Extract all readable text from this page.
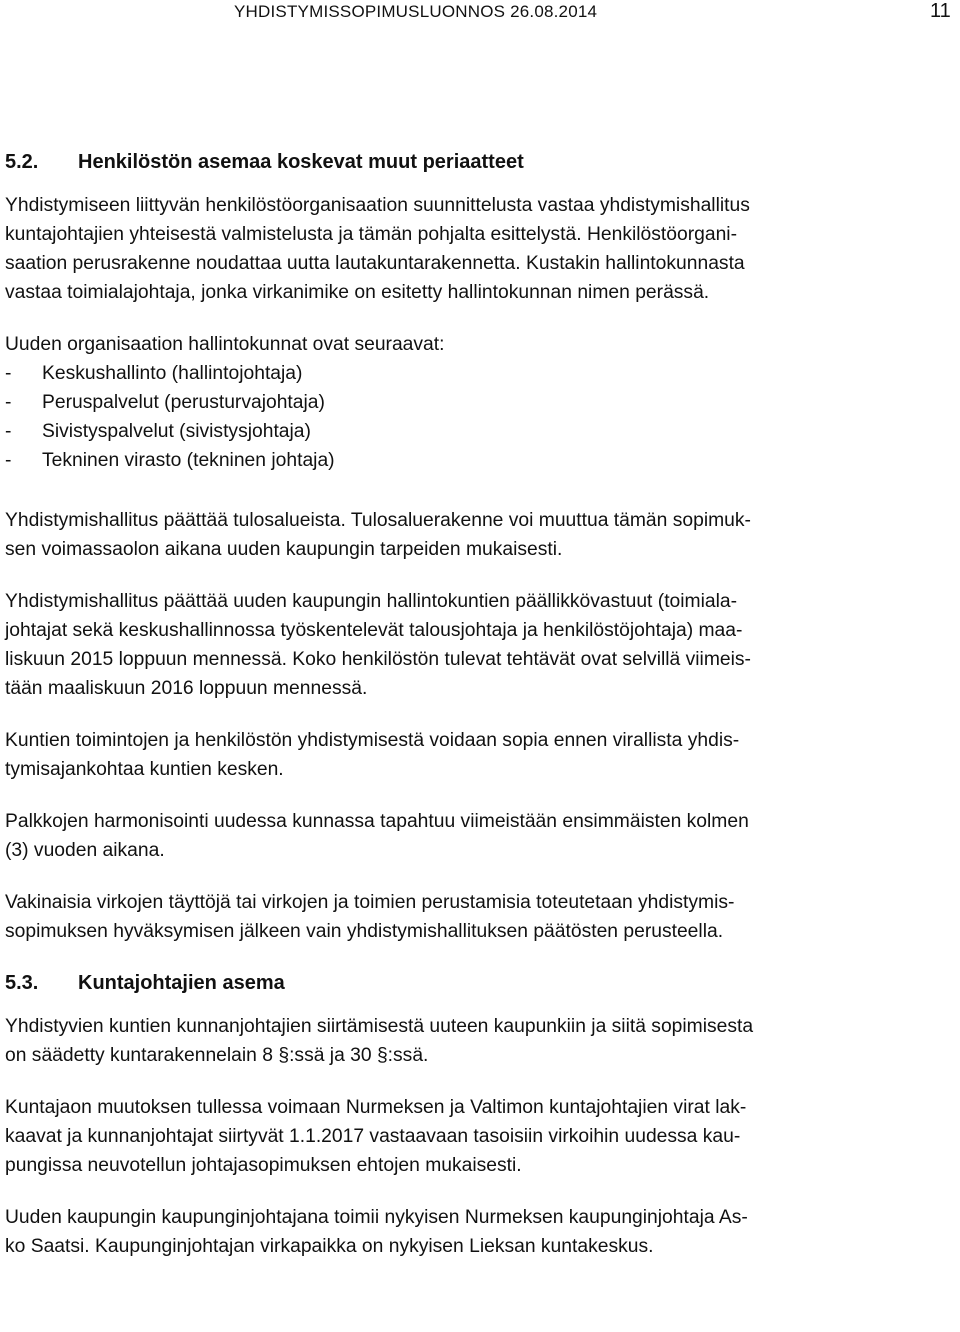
YHDISTYMISSOPIMUSLUONNOS 26.08.2014	11
5.2. Henkilöstön asemaa koskevat muut periaatteet
Yhdistymiseen liittyvän henkilöstöorganisaation suunnittelusta vastaa yhdistymishallitus
kuntajohtajien yhteisestä valmistelusta ja tämän pohjalta esittelystä. Henkilöstöorgani-
saation perusrakenne noudattaa uutta lautakuntarakennetta. Kustakin hallintokunnasta
vastaa toimialajohtaja, jonka virkanimike on esitetty hallintokunnan nimen perässä.
Uuden organisaation hallintokunnat ovat seuraavat:
- Keskushallinto (hallintojohtaja)
- Peruspalvelut (perusturvajohtaja)
- Sivistyspalvelut (sivistysjohtaja)
- Tekninen virasto (tekninen johtaja)
Yhdistymishallitus päättää tulosalueista. Tulosaluerakenne voi muuttua tämän sopimuk-
sen voimassaolon aikana uuden kaupungin tarpeiden mukaisesti.
Yhdistymishallitus päättää uuden kaupungin hallintokuntien päällikkövastuut (toimiala-
johtajat sekä keskushallinnossa työskentelevät talousjohtaja ja henkilöstöjohtaja) maa-
liskuun 2015 loppuun mennessä. Koko henkilöstön tulevat tehtävät ovat selvillä viimeis-
tään maaliskuun 2016 loppuun mennessä.
Kuntien toimintojen ja henkilöstön yhdistymisestä voidaan sopia ennen virallista yhdis-
tymisajankohtaa kuntien kesken.
Palkkojen harmonisointi uudessa kunnassa tapahtuu viimeistään ensimmäisten kolmen
(3) vuoden aikana.
Vakinaisia virkojen täyttöjä tai virkojen ja toimien perustamisia toteutetaan yhdistymis-
sopimuksen hyväksymisen jälkeen vain yhdistymishallituksen päätösten perusteella.
5.3. Kuntajohtajien asema
Yhdistyvien kuntien kunnanjohtajien siirtämisestä uuteen kaupunkiin ja siitä sopimisesta
on säädetty kuntarakennelain 8 §:ssä ja 30 §:ssä.
Kuntajaon muutoksen tullessa voimaan Nurmeksen ja Valtimon kuntajohtajien virat lak-
kaavat ja kunnanjohtajat siirtyvät 1.1.2017 vastaavaan tasoisiin virkoihin uudessa kau-
pungissa neuvotellun johtajasopimuksen ehtojen mukaisesti.
Uuden kaupungin kaupunginjohtajana toimii nykyisen Nurmeksen kaupunginjohtaja As-
ko Saatsi. Kaupunginjohtajan virkapaikka on nykyisen Lieksan kuntakeskus.
